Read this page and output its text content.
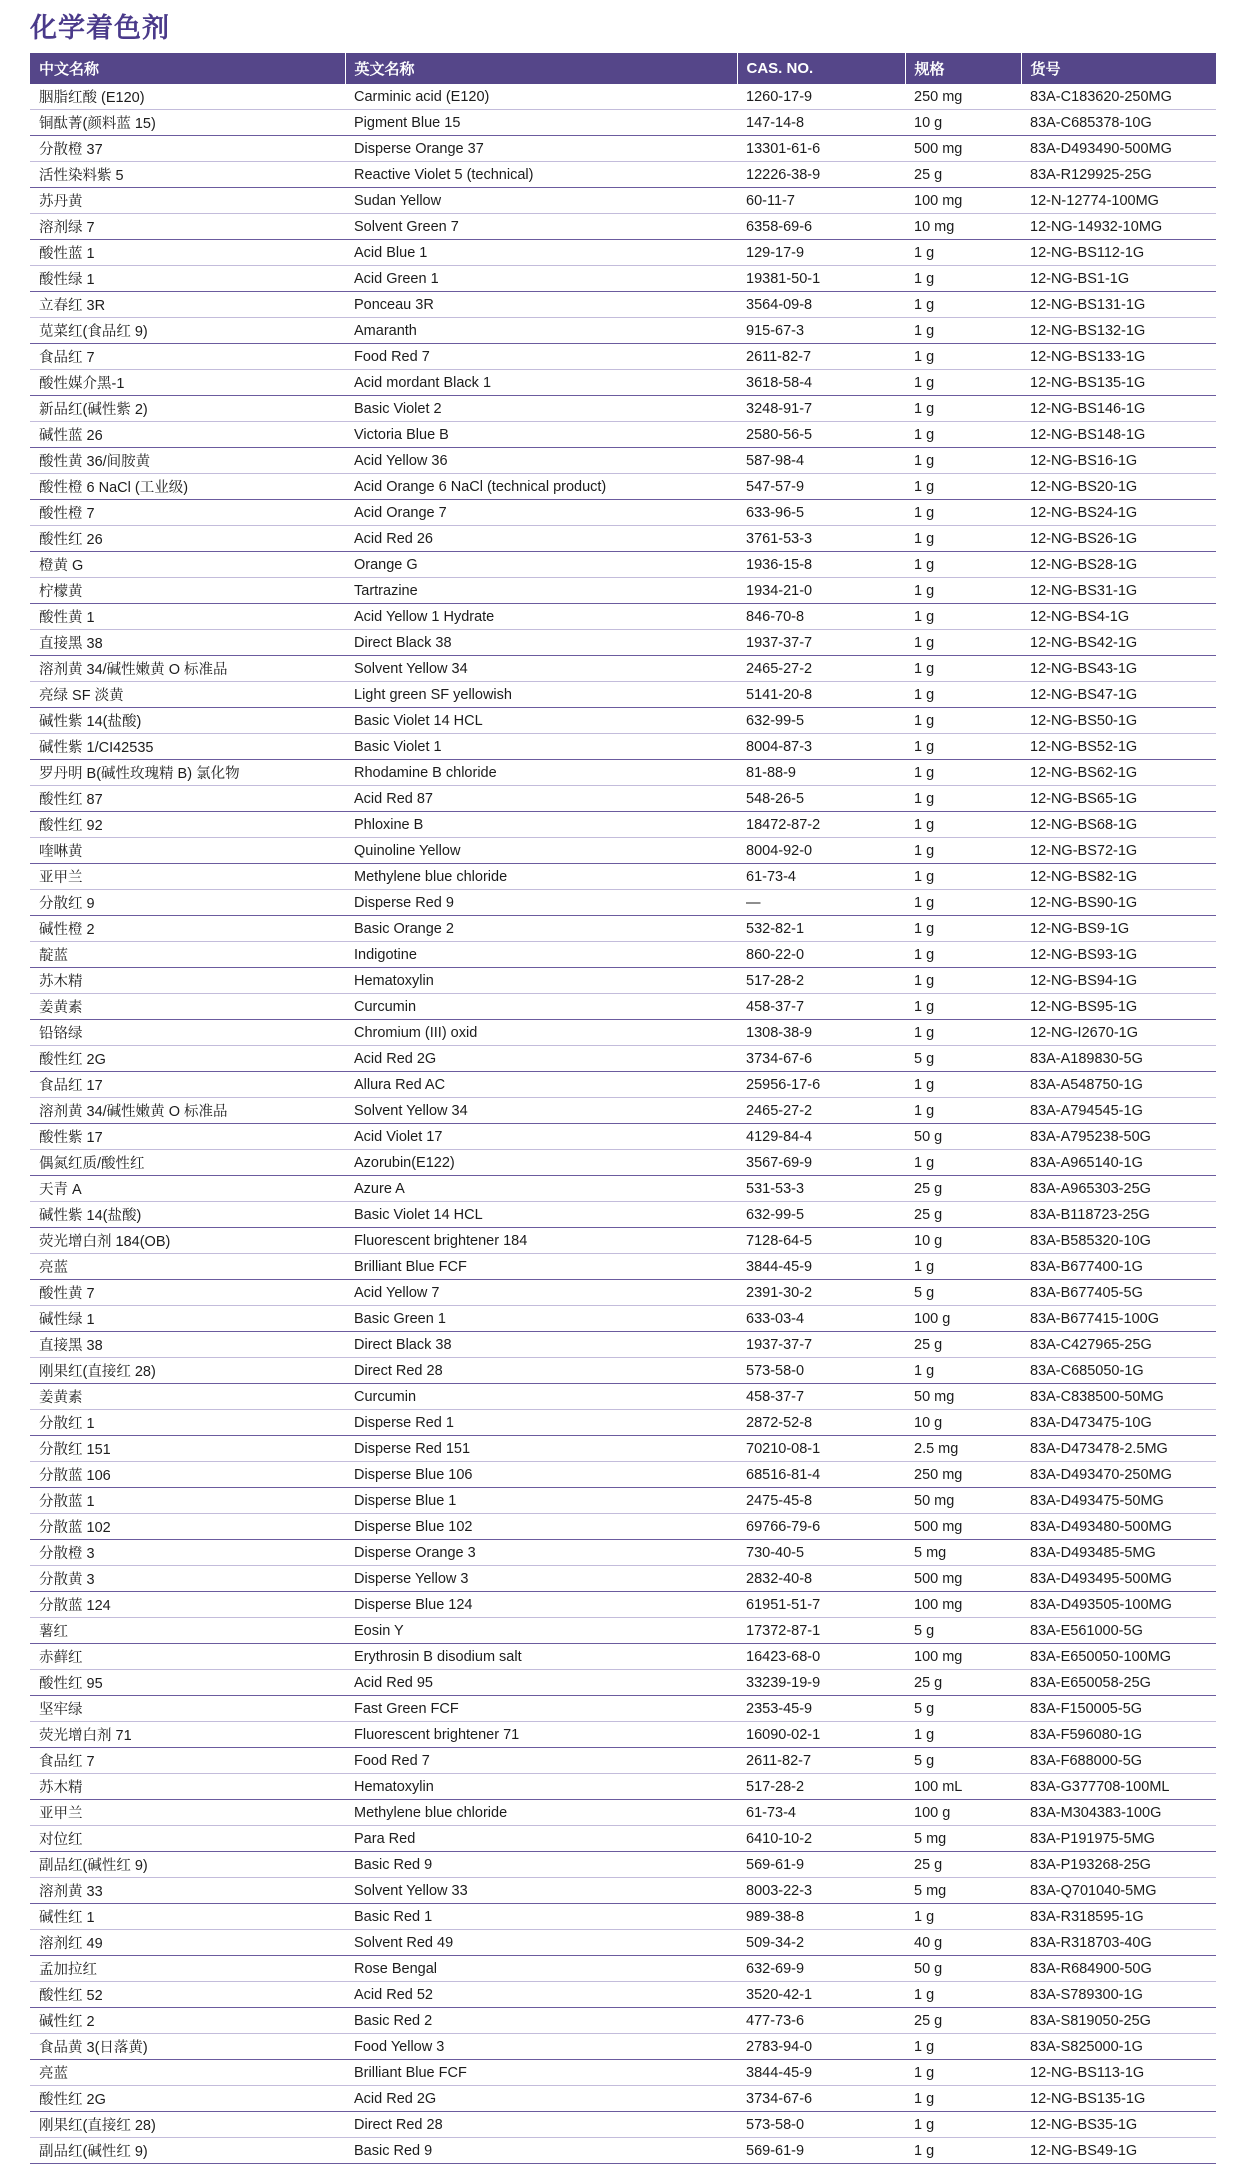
化学着色剂
中文名称	英文名称	CAS. NO.	规格	货号
胭脂红酸 (E120)	Carminic acid (E120)	1260-17-9	250 mg	83A-C183620-250MG
铜酞菁(颜料蓝 15)	Pigment Blue 15	147-14-8	10 g	83A-C685378-10G
分散橙 37	Disperse Orange 37	13301-61-6	500 mg	83A-D493490-500MG
活性染料紫 5	Reactive Violet 5 (technical)	12226-38-9	25 g	83A-R129925-25G
苏丹黄	Sudan Yellow	60-11-7	100 mg	12-N-12774-100MG
溶剂绿 7	Solvent Green 7	6358-69-6	10 mg	12-NG-14932-10MG
酸性蓝 1	Acid Blue 1	129-17-9	1 g	12-NG-BS112-1G
酸性绿 1	Acid Green 1	19381-50-1	1 g	12-NG-BS1-1G
立春红 3R	Ponceau 3R	3564-09-8	1 g	12-NG-BS131-1G
苋菜红(食品红 9)	Amaranth	915-67-3	1 g	12-NG-BS132-1G
食品红 7	Food Red 7	2611-82-7	1 g	12-NG-BS133-1G
酸性媒介黑-1	Acid mordant Black 1	3618-58-4	1 g	12-NG-BS135-1G
新品红(碱性紫 2)	Basic Violet 2	3248-91-7	1 g	12-NG-BS146-1G
碱性蓝 26	Victoria Blue B	2580-56-5	1 g	12-NG-BS148-1G
酸性黄 36/间胺黄	Acid Yellow 36	587-98-4	1 g	12-NG-BS16-1G
酸性橙 6 NaCl (工业级)	Acid Orange 6 NaCl (technical product)	547-57-9	1 g	12-NG-BS20-1G
酸性橙 7	Acid Orange 7	633-96-5	1 g	12-NG-BS24-1G
酸性红 26	Acid Red 26	3761-53-3	1 g	12-NG-BS26-1G
橙黄 G	Orange G	1936-15-8	1 g	12-NG-BS28-1G
柠檬黄	Tartrazine	1934-21-0	1 g	12-NG-BS31-1G
酸性黄 1	Acid Yellow 1 Hydrate	846-70-8	1 g	12-NG-BS4-1G
直接黑 38	Direct Black 38	1937-37-7	1 g	12-NG-BS42-1G
溶剂黄 34/碱性嫩黄 O 标准品	Solvent Yellow 34	2465-27-2	1 g	12-NG-BS43-1G
亮绿 SF 淡黄	Light green SF yellowish	5141-20-8	1 g	12-NG-BS47-1G
碱性紫 14(盐酸)	Basic Violet 14 HCL	632-99-5	1 g	12-NG-BS50-1G
碱性紫 1/CI42535	Basic Violet 1	8004-87-3	1 g	12-NG-BS52-1G
罗丹明 B(碱性玫瑰精 B) 氯化物	Rhodamine B chloride	81-88-9	1 g	12-NG-BS62-1G
酸性红 87	Acid Red 87	548-26-5	1 g	12-NG-BS65-1G
酸性红 92	Phloxine B	18472-87-2	1 g	12-NG-BS68-1G
喹啉黄	Quinoline Yellow	8004-92-0	1 g	12-NG-BS72-1G
亚甲兰	Methylene blue chloride	61-73-4	1 g	12-NG-BS82-1G
分散红 9	Disperse Red 9	—	1 g	12-NG-BS90-1G
碱性橙 2	Basic Orange 2	532-82-1	1 g	12-NG-BS9-1G
靛蓝	Indigotine	860-22-0	1 g	12-NG-BS93-1G
苏木精	Hematoxylin	517-28-2	1 g	12-NG-BS94-1G
姜黄素	Curcumin	458-37-7	1 g	12-NG-BS95-1G
铅铬绿	Chromium (III) oxid	1308-38-9	1 g	12-NG-I2670-1G
酸性红 2G	Acid Red 2G	3734-67-6	5 g	83A-A189830-5G
食品红 17	Allura Red AC	25956-17-6	1 g	83A-A548750-1G
溶剂黄 34/碱性嫩黄 O 标准品	Solvent Yellow 34	2465-27-2	1 g	83A-A794545-1G
酸性紫 17	Acid Violet 17	4129-84-4	50 g	83A-A795238-50G
偶氮红质/酸性红	Azorubin(E122)	3567-69-9	1 g	83A-A965140-1G
天青 A	Azure A	531-53-3	25 g	83A-A965303-25G
碱性紫 14(盐酸)	Basic Violet 14 HCL	632-99-5	25 g	83A-B118723-25G
荧光增白剂 184(OB)	Fluorescent brightener 184	7128-64-5	10 g	83A-B585320-10G
亮蓝	Brilliant Blue FCF	3844-45-9	1 g	83A-B677400-1G
酸性黄 7	Acid Yellow 7	2391-30-2	5 g	83A-B677405-5G
碱性绿 1	Basic Green 1	633-03-4	100 g	83A-B677415-100G
直接黑 38	Direct Black 38	1937-37-7	25 g	83A-C427965-25G
刚果红(直接红 28)	Direct Red 28	573-58-0	1 g	83A-C685050-1G
姜黄素	Curcumin	458-37-7	50 mg	83A-C838500-50MG
分散红 1	Disperse Red 1	2872-52-8	10 g	83A-D473475-10G
分散红 151	Disperse Red 151	70210-08-1	2.5 mg	83A-D473478-2.5MG
分散蓝 106	Disperse Blue 106	68516-81-4	250 mg	83A-D493470-250MG
分散蓝 1	Disperse Blue 1	2475-45-8	50 mg	83A-D493475-50MG
分散蓝 102	Disperse Blue 102	69766-79-6	500 mg	83A-D493480-500MG
分散橙 3	Disperse Orange 3	730-40-5	5 mg	83A-D493485-5MG
分散黄 3	Disperse Yellow 3	2832-40-8	500 mg	83A-D493495-500MG
分散蓝 124	Disperse Blue 124	61951-51-7	100 mg	83A-D493505-100MG
薯红	Eosin Y	17372-87-1	5 g	83A-E561000-5G
赤藓红	Erythrosin B disodium salt	16423-68-0	100 mg	83A-E650050-100MG
酸性红 95	Acid Red 95	33239-19-9	25 g	83A-E650058-25G
坚牢绿	Fast Green FCF	2353-45-9	5 g	83A-F150005-5G
荧光增白剂 71	Fluorescent brightener 71	16090-02-1	1 g	83A-F596080-1G
食品红 7	Food Red 7	2611-82-7	5 g	83A-F688000-5G
苏木精	Hematoxylin	517-28-2	100 mL	83A-G377708-100ML
亚甲兰	Methylene blue chloride	61-73-4	100 g	83A-M304383-100G
对位红	Para Red	6410-10-2	5 mg	83A-P191975-5MG
副品红(碱性红 9)	Basic Red 9	569-61-9	25 g	83A-P193268-25G
溶剂黄 33	Solvent Yellow 33	8003-22-3	5 mg	83A-Q701040-5MG
碱性红 1	Basic Red 1	989-38-8	1 g	83A-R318595-1G
溶剂红 49	Solvent Red 49	509-34-2	40 g	83A-R318703-40G
孟加拉红	Rose Bengal	632-69-9	50 g	83A-R684900-50G
酸性红 52	Acid Red 52	3520-42-1	1 g	83A-S789300-1G
碱性红 2	Basic Red 2	477-73-6	25 g	83A-S819050-25G
食品黄 3(日落黄)	Food Yellow 3	2783-94-0	1 g	83A-S825000-1G
亮蓝	Brilliant Blue FCF	3844-45-9	1 g	12-NG-BS113-1G
酸性红 2G	Acid Red 2G	3734-67-6	1 g	12-NG-BS135-1G
刚果红(直接红 28)	Direct Red 28	573-58-0	1 g	12-NG-BS35-1G
副品红(碱性红 9)	Basic Red 9	569-61-9	1 g	12-NG-BS49-1G
